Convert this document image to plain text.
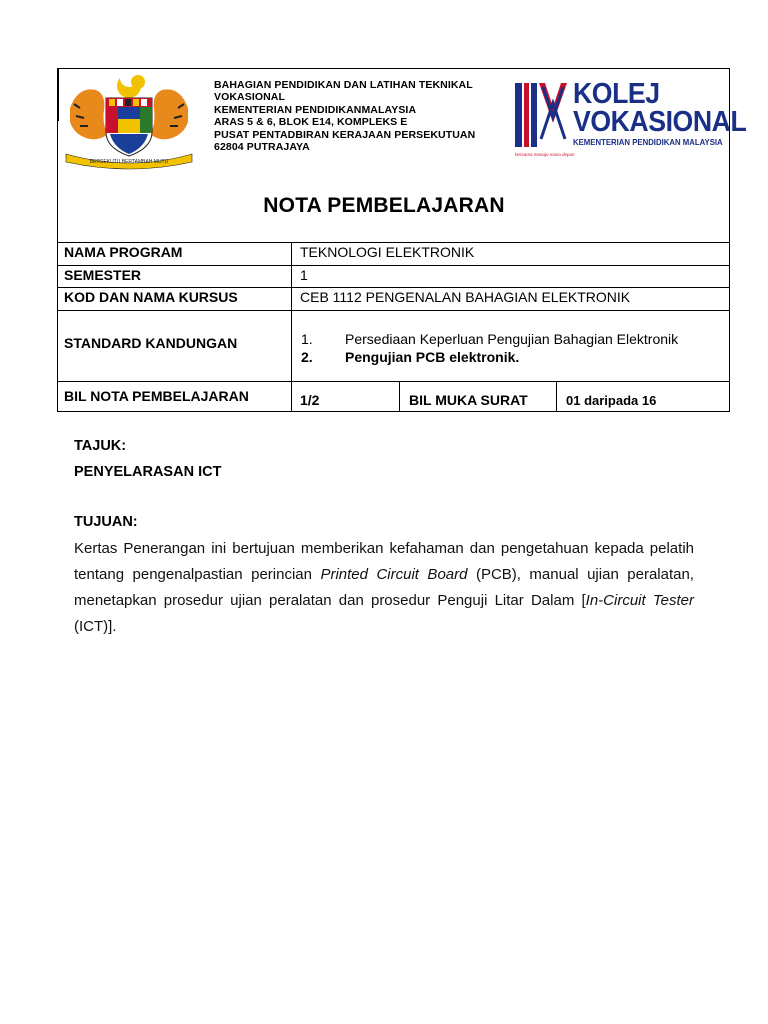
BERSEKUTU BERTAMBAH MUTU
BAHAGIAN PENDIDIKAN DAN LATIHAN TEKNIKAL
VOKASIONAL
KEMENTERIAN PENDIDIKANMALAYSIA
ARAS 5 & 6, BLOK E14, KOMPLEKS E
PUSAT PENTADBIRAN KERAJAAN PERSEKUTUAN
62804 PUTRAJAYA
KOLEJ
VOKASIONAL
KEMENTERIAN PENDIDIKAN MALAYSIA
bersama menuju masa depan
NOTA PEMBELAJARAN
NAMA PROGRAM	TEKNOLOGI ELEKTRONIK
SEMESTER	1
KOD DAN NAMA KURSUS	CEB 1112 PENGENALAN BAHAGIAN ELEKTRONIK
STANDARD KANDUNGAN	1. Persediaan Keperluan Pengujian Bahagian Elektronik
2. Pengujian PCB elektronik.
BIL NOTA PEMBELAJARAN	1/2	BIL MUKA SURAT	01 daripada 16
TAJUK:
PENYELARASAN ICT
TUJUAN:
Kertas Penerangan ini bertujuan memberikan kefahaman dan pengetahuan kepada pelatih
tentang pengenalpastian perincian Printed Circuit Board (PCB), manual ujian peralatan,
menetapkan prosedur ujian peralatan dan prosedur Penguji Litar Dalam [In-Circuit Tester
(ICT)].
